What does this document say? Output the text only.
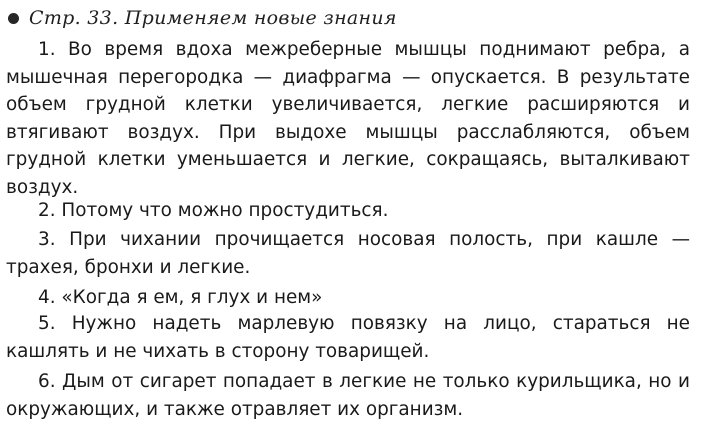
Стр. 33. Применяем новые знания

1. Во время вдоха межреберные мышцы поднимают ребра, а мышечная перегородка — диафрагма — опускается. В результате объем грудной клетки увеличивается, легкие расширяются и втягивают воздух. При выдохе мышцы расслабляются, объем грудной клетки уменьшается и легкие, сокращаясь, выталкивают воздух.

2. Потому что можно простудиться.

3. При чихании прочищается носовая полость, при кашле — трахея, бронхи и легкие.

4. «Когда я ем, я глух и нем»

5. Нужно надеть марлевую повязку на лицо, стараться не кашлять и не чихать в сторону товарищей.

6. Дым от сигарет попадает в легкие не только курильщика, но и окружающих, и также отравляет их организм.
